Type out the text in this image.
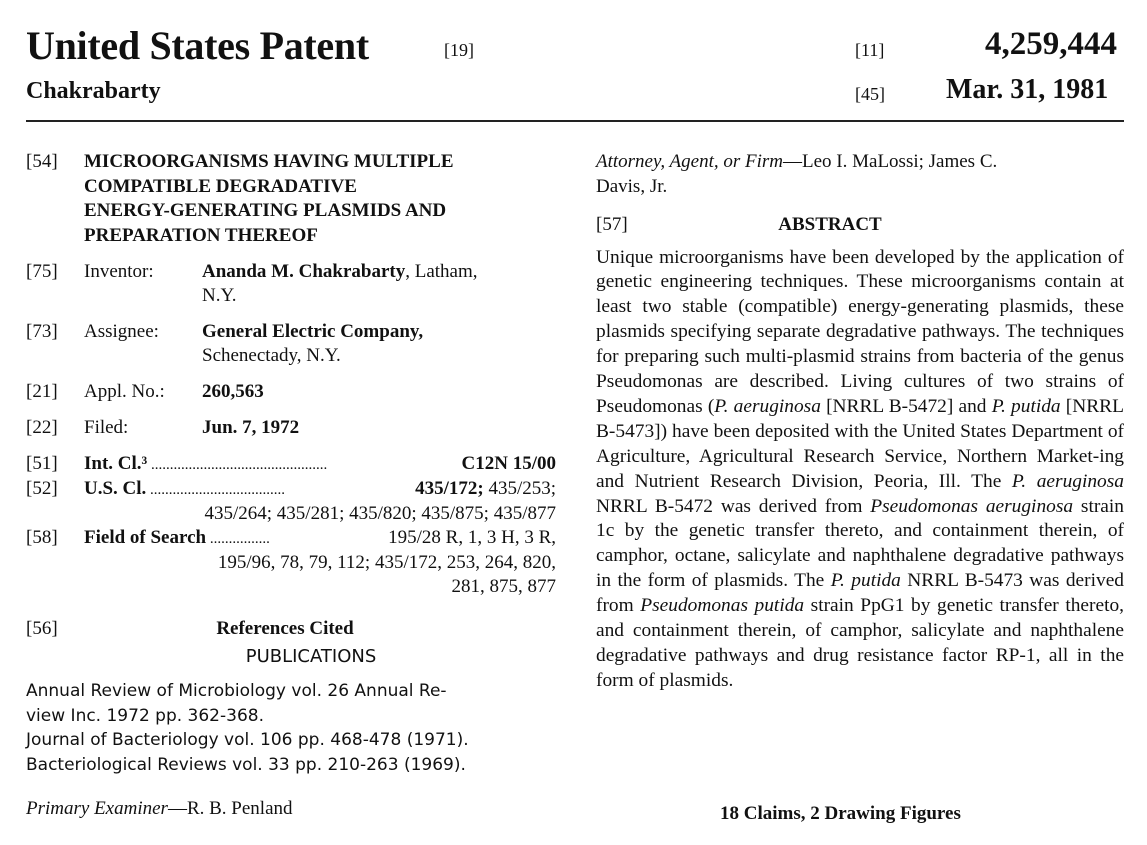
United States Patent	[19]
Chakrabarty
[11]	4,259,444
[45] Mar. 31, 1981
[54]	MICROORGANISMS HAVING MULTIPLE
COMPATIBLE DEGRADATIVE
ENERGY-GENERATING PLASMIDS AND
PREPARATION THEREOF
[75]	Inventor:	Ananda M. Chakrabarty, Latham,
N.Y.
[73]	Assignee:	General Electric Company,
Schenectady, N.Y.
[21]	Appl. No.:	260,563
[22]	Filed:	Jun. 7, 1972
[51]	Int. Cl.³ ...............................................	C12N 15/00
[52]	U.S. Cl. ....................................	435/172; 435/253;
435/264; 435/281; 435/820; 435/875; 435/877
[58]	Field of Search ................	195/28 R, 1, 3 H, 3 R,
195/96, 78, 79, 112; 435/172, 253, 264, 820,
281, 875, 877
[56]	References Cited
PUBLICATIONS
Annual Review of Microbiology vol. 26 Annual Re-
view Inc. 1972 pp. 362-368.
Journal of Bacteriology vol. 106 pp. 468-478 (1971).
Bacteriological Reviews vol. 33 pp. 210-263 (1969).
Primary Examiner—R. B. Penland
Attorney, Agent, or Firm—Leo I. MaLossi; James C.
Davis, Jr.
[57]	ABSTRACT
Unique microorganisms have been developed by the application of genetic engineering techniques. These microorganisms contain at least two stable (compatible) energy-generating plasmids, these plasmids specifying separate degradative pathways. The techniques for preparing such multi-plasmid strains from bacteria of the genus Pseudomonas are described. Living cultures of two strains of Pseudomonas (P. aeruginosa [NRRL B-5472] and P. putida [NRRL B-5473]) have been deposited with the United States Department of Agriculture, Agricultural Research Service, Northern Market-ing and Nutrient Research Division, Peoria, Ill. The P. aeruginosa NRRL B-5472 was derived from Pseudomonas aeruginosa strain 1c by the genetic transfer thereto, and containment therein, of camphor, octane, salicylate and naphthalene degradative pathways in the form of plasmids. The P. putida NRRL B-5473 was derived from Pseudomonas putida strain PpG1 by genetic transfer thereto, and containment therein, of camphor, salicylate and naphthalene degradative pathways and drug resistance factor RP-1, all in the form of plasmids.
18 Claims, 2 Drawing Figures
